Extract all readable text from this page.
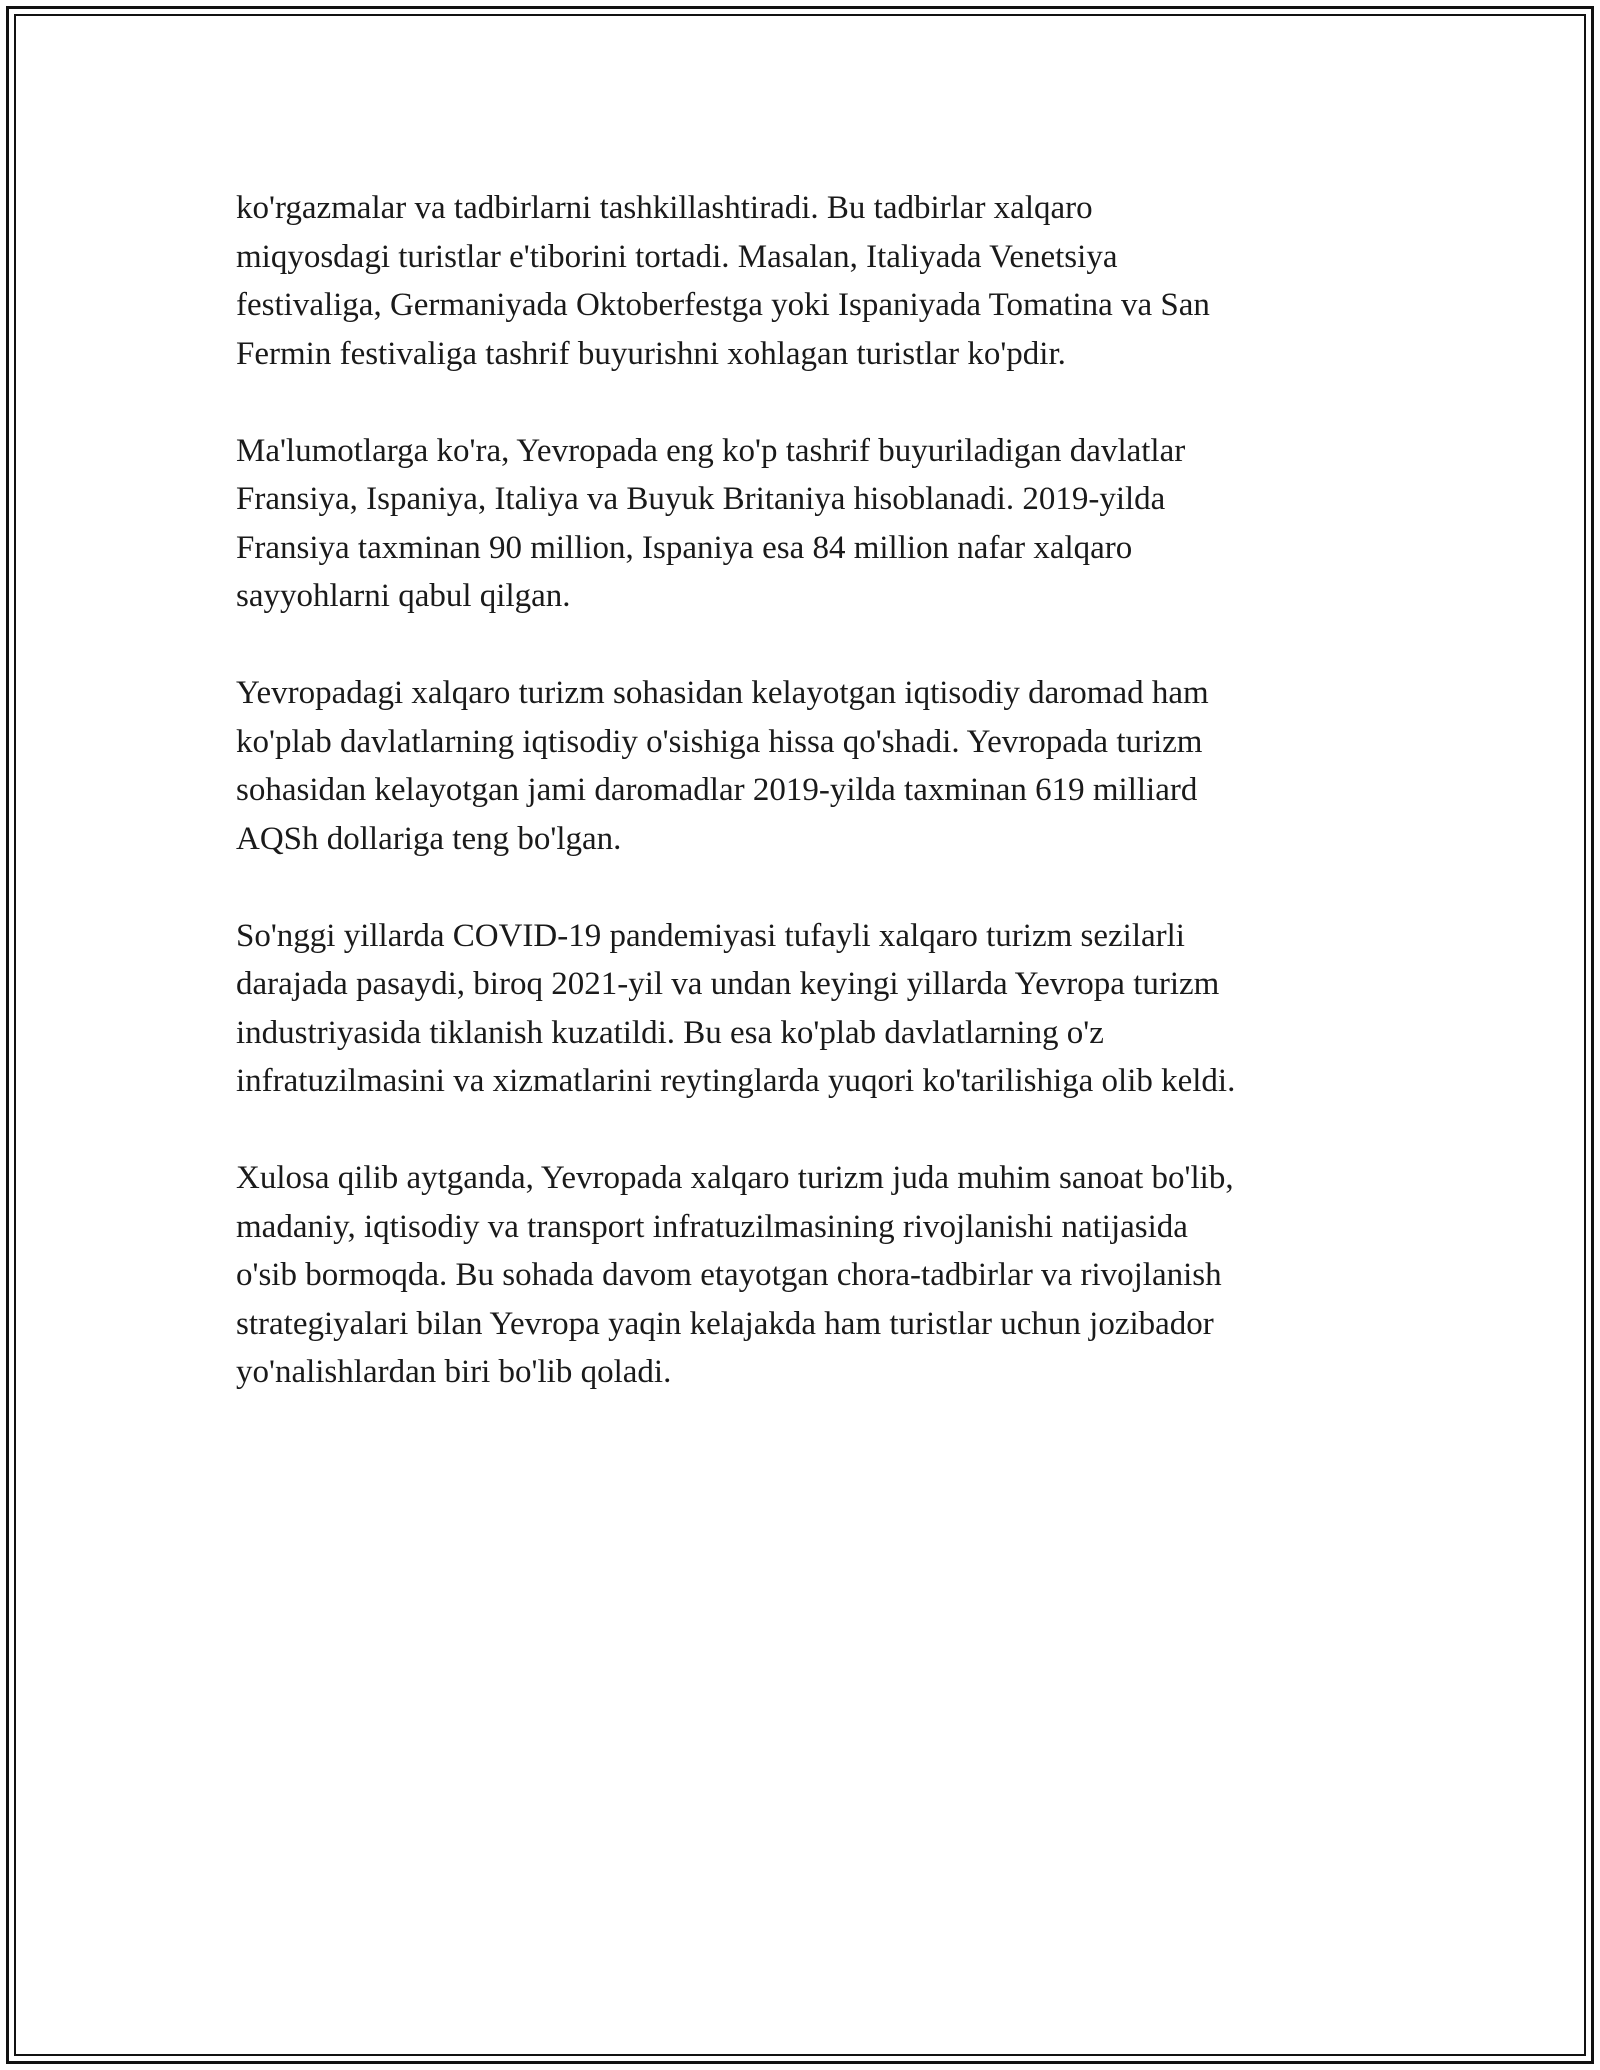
ko'rgazmalar va tadbirlarni tashkillashtiradi. Bu tadbirlar xalqaro
miqyosdagi turistlar e'tiborini tortadi. Masalan, Italiyada Venetsiya
festivaliga, Germaniyada Oktoberfestga yoki Ispaniyada Tomatina va San
Fermin festivaliga tashrif buyurishni xohlagan turistlar ko'pdir.

Ma'lumotlarga ko'ra, Yevropada eng ko'p tashrif buyuriladigan davlatlar
Fransiya, Ispaniya, Italiya va Buyuk Britaniya hisoblanadi. 2019-yilda
Fransiya taxminan 90 million, Ispaniya esa 84 million nafar xalqaro
sayyohlarni qabul qilgan.

Yevropadagi xalqaro turizm sohasidan kelayotgan iqtisodiy daromad ham
ko'plab davlatlarning iqtisodiy o'sishiga hissa qo'shadi. Yevropada turizm
sohasidan kelayotgan jami daromadlar 2019-yilda taxminan 619 milliard
AQSh dollariga teng bo'lgan.

So'nggi yillarda COVID-19 pandemiyasi tufayli xalqaro turizm sezilarli
darajada pasaydi, biroq 2021-yil va undan keyingi yillarda Yevropa turizm
industriyasida tiklanish kuzatildi. Bu esa ko'plab davlatlarning o'z
infratuzilmasini va xizmatlarini reytinglarda yuqori ko'tarilishiga olib keldi.

Xulosa qilib aytganda, Yevropada xalqaro turizm juda muhim sanoat bo'lib,
madaniy, iqtisodiy va transport infratuzilmasining rivojlanishi natijasida
o'sib bormoqda. Bu sohada davom etayotgan chora-tadbirlar va rivojlanish
strategiyalari bilan Yevropa yaqin kelajakda ham turistlar uchun jozibador
yo'nalishlardan biri bo'lib qoladi.
